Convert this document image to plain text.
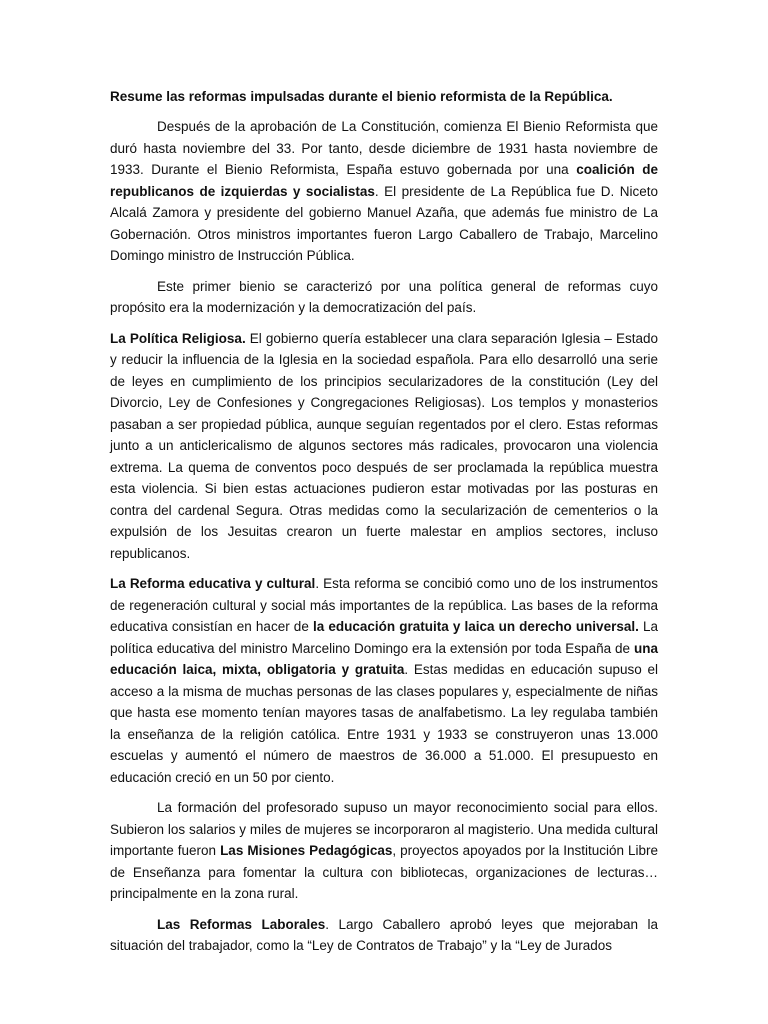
Resume las reformas impulsadas durante el bienio reformista de la República.

Después de la aprobación de La Constitución, comienza El Bienio Reformista que duró hasta noviembre del 33. Por tanto, desde diciembre de 1931 hasta noviembre de 1933. Durante el Bienio Reformista, España estuvo gobernada por una coalición de republicanos de izquierdas y socialistas. El presidente de La República fue D. Niceto Alcalá Zamora y presidente del gobierno Manuel Azaña, que además fue ministro de La Gobernación. Otros ministros importantes fueron Largo Caballero de Trabajo, Marcelino Domingo ministro de Instrucción Pública.

Este primer bienio se caracterizó por una política general de reformas cuyo propósito era la modernización y la democratización del país.

La Política Religiosa. El gobierno quería establecer una clara separación Iglesia – Estado y reducir la influencia de la Iglesia en la sociedad española. Para ello desarrolló una serie de leyes en cumplimiento de los principios secularizadores de la constitución (Ley del Divorcio, Ley de Confesiones y Congregaciones Religiosas). Los templos y monasterios pasaban a ser propiedad pública, aunque seguían regentados por el clero. Estas reformas junto a un anticlericalismo de algunos sectores más radicales, provocaron una violencia extrema. La quema de conventos poco después de ser proclamada la república muestra esta violencia. Si bien estas actuaciones pudieron estar motivadas por las posturas en contra del cardenal Segura. Otras medidas como la secularización de cementerios o la expulsión de los Jesuitas crearon un fuerte malestar en amplios sectores, incluso republicanos.

La Reforma educativa y cultural. Esta reforma se concibió como uno de los instrumentos de regeneración cultural y social más importantes de la república. Las bases de la reforma educativa consistían en hacer de la educación gratuita y laica un derecho universal. La política educativa del ministro Marcelino Domingo era la extensión por toda España de una educación laica, mixta, obligatoria y gratuita. Estas medidas en educación supuso el acceso a la misma de muchas personas de las clases populares y, especialmente de niñas que hasta ese momento tenían mayores tasas de analfabetismo. La ley regulaba también la enseñanza de la religión católica. Entre 1931 y 1933 se construyeron unas 13.000 escuelas y aumentó el número de maestros de 36.000 a 51.000. El presupuesto en educación creció en un 50 por ciento.

La formación del profesorado supuso un mayor reconocimiento social para ellos. Subieron los salarios y miles de mujeres se incorporaron al magisterio. Una medida cultural importante fueron Las Misiones Pedagógicas, proyectos apoyados por la Institución Libre de Enseñanza para fomentar la cultura con bibliotecas, organizaciones de lecturas… principalmente en la zona rural.

Las Reformas Laborales. Largo Caballero aprobó leyes que mejoraban la situación del trabajador, como la “Ley de Contratos de Trabajo” y la “Ley de Jurados
